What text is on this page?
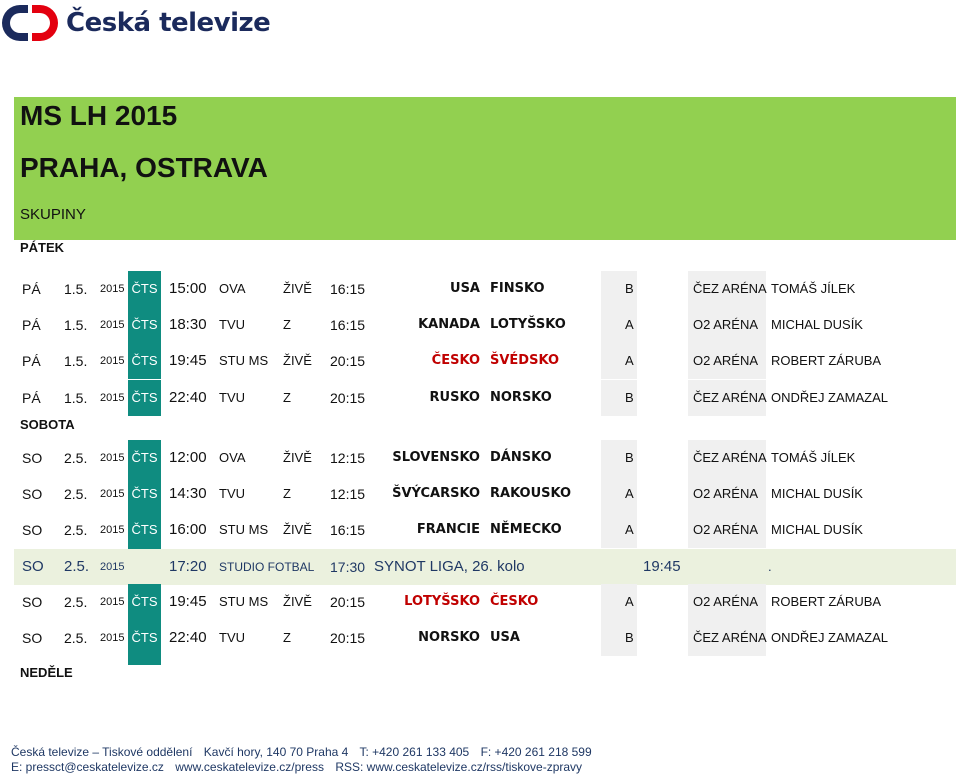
Česká televize
MS LH 2015
PRAHA, OSTRAVA
SKUPINY
PÁTEK
PÁ 1.5. 2015 ČTS 15:00 OVA	ŽIVĚ 16:15	USA FINSKO	B	ČEZ ARÉNA TOMÁŠ JÍLEK
PÁ 1.5. 2015 ČTS 18:30 TVU	Z	16:15	KANADA LOTYŠSKO	A	O2 ARÉNA MICHAL DUSÍK
PÁ 1.5. 2015 ČTS 19:45 STU MS ŽIVĚ 20:15	ČESKO ŠVÉDSKO	A	O2 ARÉNA ROBERT ZÁRUBA
PÁ 1.5. 2015 ČTS 22:40 TVU	Z	20:15	RUSKO NORSKO	B	ČEZ ARÉNA ONDŘEJ ZAMAZAL
SOBOTA
SO 2.5. 2015 ČTS 12:00 OVA	ŽIVĚ 12:15	SLOVENSKO DÁNSKO	B	ČEZ ARÉNA TOMÁŠ JÍLEK
SO 2.5. 2015 ČTS 14:30 TVU	Z	12:15	ŠVÝCARSKO RAKOUSKO	A	O2 ARÉNA MICHAL DUSÍK
SO 2.5. 2015 ČTS 16:00 STU MS ŽIVĚ 16:15	FRANCIE NĚMECKO	A	O2 ARÉNA MICHAL DUSÍK
SO 2.5. 2015	17:20 STUDIO FOTBAL 17:30 SYNOT LIGA, 26. kolo	19:45	.
SO 2.5. 2015 ČTS 19:45 STU MS ŽIVĚ 20:15	LOTYŠSKO ČESKO	A	O2 ARÉNA ROBERT ZÁRUBA
SO 2.5. 2015 ČTS 22:40 TVU	Z	20:15	NORSKO USA	B	ČEZ ARÉNA ONDŘEJ ZAMAZAL
NEDĚLE
Česká televize – Tiskové oddělení Kavčí hory, 140 70 Praha 4 T: +420 261 133 405 F: +420 261 218 599
E: pressct@ceskatelevize.cz www.ceskatelevize.cz/press RSS: www.ceskatelevize.cz/rss/tiskove-zpravy
